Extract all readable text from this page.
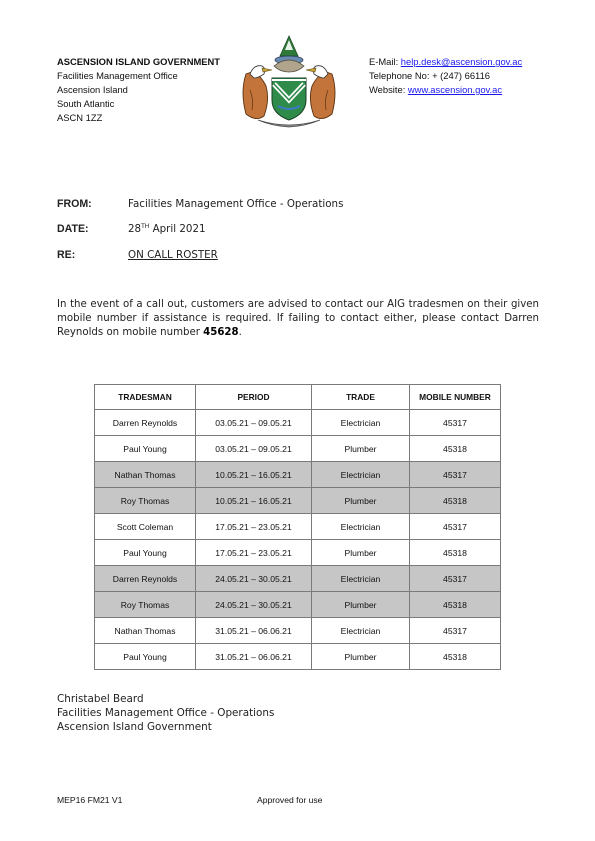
ASCENSION ISLAND GOVERNMENT
Facilities Management Office
Ascension Island
South Atlantic
ASCN 1ZZ
E-Mail: help.desk@ascension.gov.ac
Telephone No: + (247) 66116
Website: www.ascension.gov.ac
FROM:	Facilities Management Office - Operations
DATE:	28TH April 2021
RE:	ON CALL ROSTER
In the event of a call out, customers are advised to contact our AIG tradesmen on their given mobile number if assistance is required. If failing to contact either, please contact Darren Reynolds on mobile number 45628.
TRADESMAN	PERIOD	TRADE	MOBILE NUMBER
Darren Reynolds	03.05.21 – 09.05.21	Electrician	45317
Paul Young	03.05.21 – 09.05.21	Plumber	45318
Nathan Thomas	10.05.21 – 16.05.21	Electrician	45317
Roy Thomas	10.05.21 – 16.05.21	Plumber	45318
Scott Coleman	17.05.21 – 23.05.21	Electrician	45317
Paul Young	17.05.21 – 23.05.21	Plumber	45318
Darren Reynolds	24.05.21 – 30.05.21	Electrician	45317
Roy Thomas	24.05.21 – 30.05.21	Plumber	45318
Nathan Thomas	31.05.21 – 06.06.21	Electrician	45317
Paul Young	31.05.21 – 06.06.21	Plumber	45318
Christabel Beard
Facilities Management Office - Operations
Ascension Island Government
MEP16 FM21 V1	Approved for use
